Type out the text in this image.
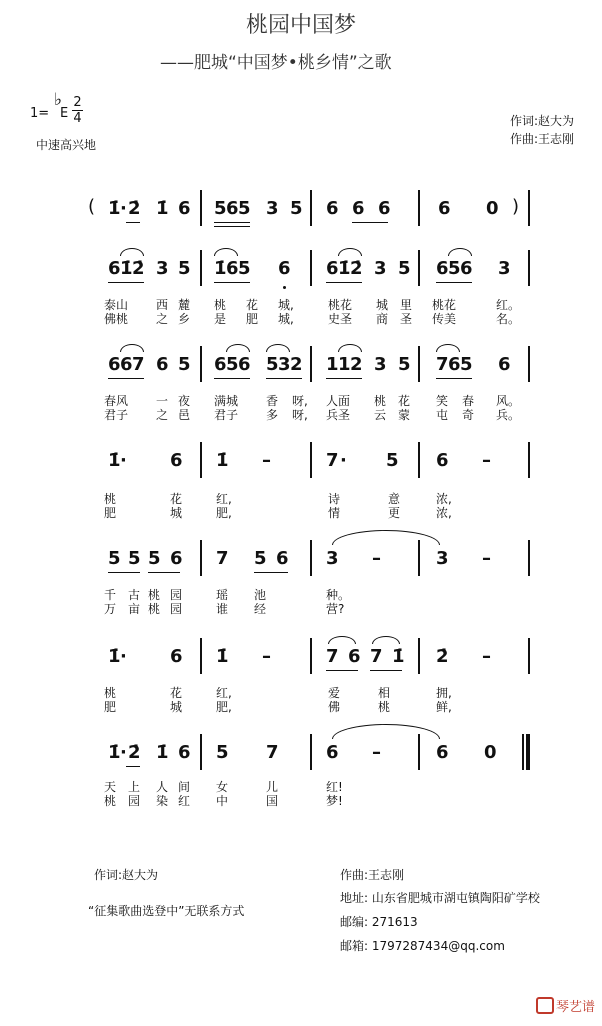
桃园中国梦
——肥城“中国梦•桃乡情”之歌
1=
♭
E
2
4
中速高兴地
作词:赵大为
作曲:王志刚
( 1̇ · 2̇ 1̇ 6 5 6 5 3 5 6 6 6	6 0 )
6 1̇ 2̇ 3 5 1̇ 6 5 6 6 1̇ 2̇ 3 5 6 5 6 3
泰山 西 麓 桃 花 城,	桃花 城 里 桃花	红。
佛桃 之 乡 是 肥 城,	史圣 商 圣 传美	名。
6 6 7 6 5 6 5 6 5 3 2 1 1 2 3 5 7 6 5 6
春风 一 夜 满城 香 呀, 人面 桃 花 笑 春 风。
君子 之 邑 君子 多 呀, 兵圣 云 蒙 屯 奇 兵。
1̇ · 6 1̇ –	7 · 5 6 –
桃	花	红,	诗	意	浓,
肥	城	肥,	情	更	浓,
5 5 5 6 7 5 6 3 –	3 –
千 古 桃 园	瑶 池	种。
万 亩 桃 园	谁 经	营?
1̇ · 6 1̇ –	7 6 7 1̇ 2̇ –
桃	花	红,	爱	相	拥,
肥	城	肥,	佛	桃	鲜,
1̇ · 2̇ 1̇ 6 5 7	6 –	6 0
天 上 人 间 女	儿	红!
桃 园 染 红 中	国	梦!
作词:赵大为	作曲:王志刚
地址: 山东省肥城市湖屯镇陶阳矿学校
“征集歌曲选登中”无联系方式
邮编: 271613
邮箱: 1797287434@qq.com
琴艺谱
